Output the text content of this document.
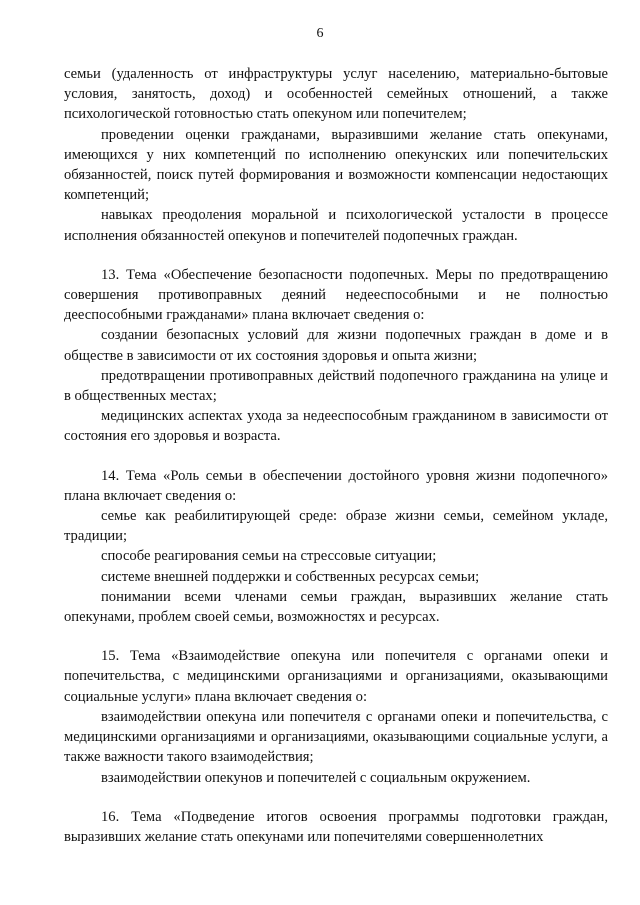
6

семьи (удаленность от инфраструктуры услуг населению, материально-бытовые условия, занятость, доход) и особенностей семейных отношений, а также психологической готовностью стать опекуном или попечителем;

проведении оценки гражданами, выразившими желание стать опекунами, имеющихся у них компетенций по исполнению опекунских или попечительских обязанностей, поиск путей формирования и возможности компенсации недостающих компетенций;

навыках преодоления моральной и психологической усталости в процессе исполнения обязанностей опекунов и попечителей подопечных граждан.

13. Тема «Обеспечение безопасности подопечных. Меры по предотвращению совершения противоправных деяний недееспособными и не полностью дееспособными гражданами» плана включает сведения о:

создании безопасных условий для жизни подопечных граждан в доме и в обществе в зависимости от их состояния здоровья и опыта жизни;

предотвращении противоправных действий подопечного гражданина на улице и в общественных местах;

медицинских аспектах ухода за недееспособным гражданином в зависимости от состояния его здоровья и возраста.

14. Тема «Роль семьи в обеспечении достойного уровня жизни подопечного» плана включает сведения о:

семье как реабилитирующей среде: образе жизни семьи, семейном укладе, традиции;

способе реагирования семьи на стрессовые ситуации;

системе внешней поддержки и собственных ресурсах семьи;

понимании всеми членами семьи граждан, выразивших желание стать опекунами, проблем своей семьи, возможностях и ресурсах.

15. Тема «Взаимодействие опекуна или попечителя с органами опеки и попечительства, с медицинскими организациями и организациями, оказывающими социальные услуги» плана включает сведения о:

взаимодействии опекуна или попечителя с органами опеки и попечительства, с медицинскими организациями и организациями, оказывающими социальные услуги, а также важности такого взаимодействия;

взаимодействии опекунов и попечителей с социальным окружением.

16. Тема «Подведение итогов освоения программы подготовки граждан, выразивших желание стать опекунами или попечителями совершеннолетних
